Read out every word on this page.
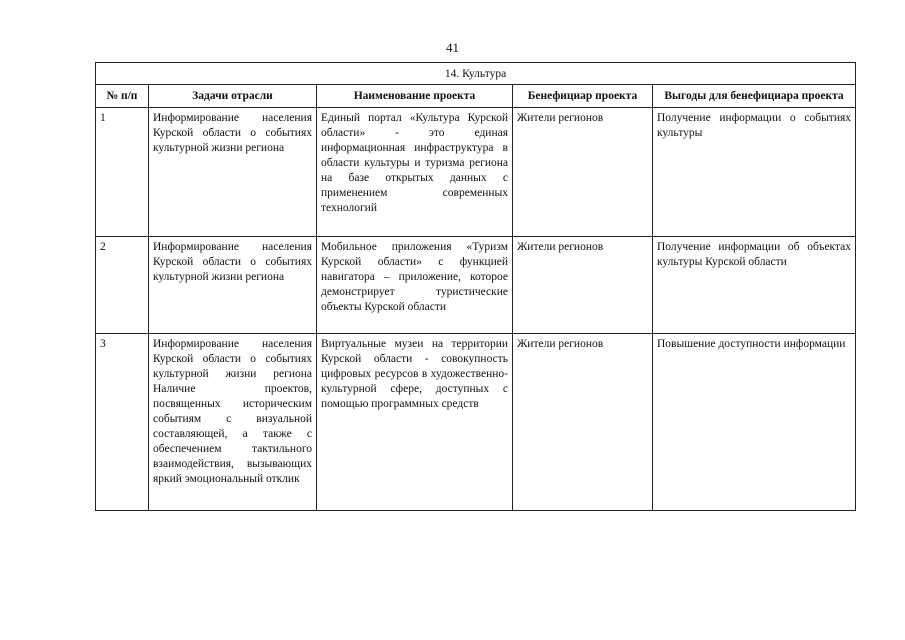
41
14. Культура				
№ п/п	Задачи отрасли	Наименование проекта	Бенефициар проекта	Выгоды для бенефициара проекта
1	Информирование населения Курской области о событиях культурной жизни региона	Единый портал «Культура Курской области» - это единая информационная инфраструктура в области культуры и туризма региона на базе открытых данных с применением современных технологий	Жители регионов	Получение информации о событиях культуры
2	Информирование населения Курской области о событиях культурной жизни региона	Мобильное приложения «Туризм Курской области» с функцией навигатора – приложение, которое демонстрирует туристические объекты Курской области	Жители регионов	Получение информации об объектах культуры Курской области
3	Информирование населения Курской области о событиях культурной жизни региона Наличие проектов, посвященных историческим событиям с визуальной составляющей, а также с обеспечением тактильного взаимодействия, вызывающих яркий эмоциональный отклик	Виртуальные музеи на территории Курской области - совокупность цифровых ресурсов в художественно-культурной сфере, доступных с помощью программных средств	Жители регионов	Повышение доступности информации
